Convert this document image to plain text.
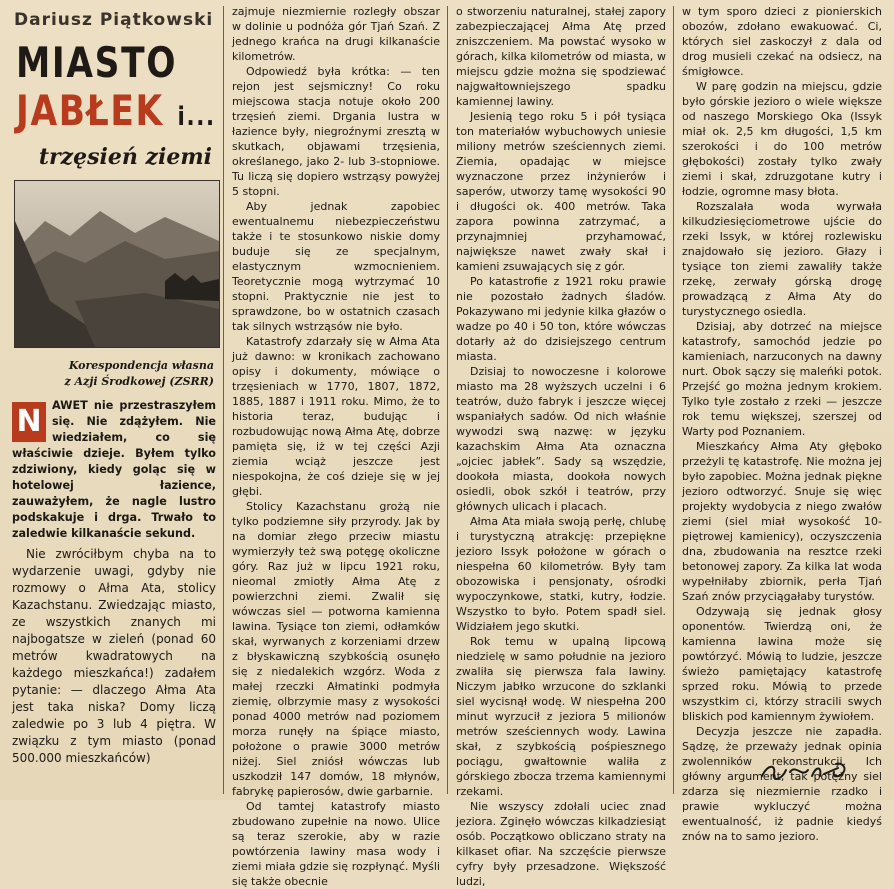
Dariusz Piątkowski
MIASTO
JABŁEK i...
trzęsień ziemi
Korespondencja własna
z Azji Środkowej (ZSRR)
N AWET nie przestraszyłem się. Nie zdążyłem. Nie wiedziałem, co się właściwie dzieje. Byłem tylko zdziwiony, kiedy goląc się w hotelowej łazience, zauważyłem, że nagle lustro podskakuje i drga. Trwało to zaledwie kilkanaście sekund.

Nie zwróciłbym chyba na to wydarzenie uwagi, gdyby nie rozmowy o Ałma Ata, stolicy Kazachstanu. Zwiedzając miasto, ze wszystkich znanych mi najbogatsze w zieleń (ponad 60 metrów kwadratowych na każdego mieszkańca!) zadałem pytanie: — dlaczego Ałma Ata jest taka niska? Domy liczą zaledwie po 3 lub 4 piętra. W związku z tym miasto (ponad 500.000 mieszkańców)

zajmuje niezmiernie rozległy obszar w dolinie u podnóża gór Tjań Szań. Z jednego krańca na drugi kilkanaście kilometrów.

Odpowiedź była krótka: — ten rejon jest sejsmiczny! Co roku miejscowa stacja notuje około 200 trzęsień ziemi. Drgania lustra w łazience były, niegroźnymi zresztą w skutkach, objawami trzęsienia, określanego, jako 2- lub 3-stopniowe. Tu liczą się dopiero wstrząsy powyżej 5 stopni.

Aby jednak zapobiec ewentualnemu niebezpieczeństwu także i te stosunkowo niskie domy buduje się ze specjalnym, elastycznym wzmocnieniem. Teoretycznie mogą wytrzymać 10 stopni. Praktycznie nie jest to sprawdzone, bo w ostatnich czasach tak silnych wstrząsów nie było.

Katastrofy zdarzały się w Ałma Ata już dawno: w kronikach zachowano opisy i dokumenty, mówiące o trzęsieniach w 1770, 1807, 1872, 1885, 1887 i 1911 roku. Mimo, że to historia teraz, budując i rozbudowując nową Ałma Atę, dobrze pamięta się, iż w tej części Azji ziemia wciąż jeszcze jest niespokojna, że coś dzieje się w jej głębi.

Stolicy Kazachstanu grożą nie tylko podziemne siły przyrody. Jak by na domiar złego przeciw miastu wymierzyły też swą potęgę okoliczne góry. Raz już w lipcu 1921 roku, nieomal zmiotły Ałma Atę z powierzchni ziemi. Zwalił się wówczas siel — potworna kamienna lawina. Tysiące ton ziemi, odłamków skał, wyrwanych z korzeniami drzew z błyskawiczną szybkością osunęło się z niedalekich wzgórz. Woda z małej rzeczki Ałmatinki podmyła ziemię, olbrzymie masy z wysokości ponad 4000 metrów nad poziomem morza runęły na śpiące miasto, położone o prawie 3000 metrów niżej. Siel zniósł wówczas lub uszkodził 147 domów, 18 młynów, fabrykę papierosów, dwie garbarnie.

Od tamtej katastrofy miasto zbudowano zupełnie na nowo. Ulice są teraz szerokie, aby w razie powtórzenia lawiny masa wody i ziemi miała gdzie się rozpłynąć. Myśli się także obecnie

o stworzeniu naturalnej, stałej zapory zabezpieczającej Ałma Atę przed zniszczeniem. Ma powstać wysoko w górach, kilka kilometrów od miasta, w miejscu gdzie można się spodziewać najgwałtowniejszego spadku kamiennej lawiny.

Jesienią tego roku 5 i pół tysiąca ton materiałów wybuchowych uniesie miliony metrów sześciennych ziemi. Ziemia, opadając w miejsce wyznaczone przez inżynierów i saperów, utworzy tamę wysokości 90 i długości ok. 400 metrów. Taka zapora powinna zatrzymać, a przynajmniej przyhamować, największe nawet zwały skał i kamieni zsuwających się z gór.

Po katastrofie z 1921 roku prawie nie pozostało żadnych śladów. Pokazywano mi jedynie kilka głazów o wadze po 40 i 50 ton, które wówczas dotarły aż do dzisiejszego centrum miasta.

Dzisiaj to nowoczesne i kolorowe miasto ma 28 wyższych uczelni i 6 teatrów, dużo fabryk i jeszcze więcej wspaniałych sadów. Od nich właśnie wywodzi swą nazwę: w języku kazachskim Ałma Ata oznaczna „ojciec jabłek”. Sady są wszędzie, dookoła miasta, dookoła nowych osiedli, obok szkół i teatrów, przy głównych ulicach i placach.

Ałma Ata miała swoją perłę, chlubę i turystyczną atrakcję: przepiękne jezioro Issyk położone w górach o niespełna 60 kilometrów. Były tam obozowiska i pensjonaty, ośrodki wypoczynkowe, statki, kutry, łodzie. Wszystko to było. Potem spadł siel. Widziałem jego skutki.

Rok temu w upalną lipcową niedzielę w samo południe na jezioro zwaliła się pierwsza fala lawiny. Niczym jabłko wrzucone do szklanki siel wycisnął wodę. W niespełna 200 minut wyrzucił z jeziora 5 milionów metrów sześciennych wody. Lawina skał, z szybkością pośpiesznego pociągu, gwałtownie waliła z górskiego zbocza trzema kamiennymi rzekami.

Nie wszyscy zdołali uciec znad jeziora. Zginęło wówczas kilkadziesiąt osób. Początkowo obliczano straty na kilkaset ofiar. Na szczęście pierwsze cyfry były przesadzone. Większość ludzi,

w tym sporo dzieci z pionierskich obozów, zdołano ewakuować. Ci, których siel zaskoczył z dala od drog musieli czekać na odsiecz, na śmigłowce.

W parę godzin na miejscu, gdzie było górskie jezioro o wiele większe od naszego Morskiego Oka (Issyk miał ok. 2,5 km długości, 1,5 km szerokości i do 100 metrów głębokości) zostały tylko zwały ziemi i skał, zdruzgotane kutry i łodzie, ogromne masy błota.

Rozszalała woda wyrwała kilkudziesięciometrowe ujście do rzeki Issyk, w której rozlewisku znajdowało się jezioro. Głazy i tysiące ton ziemi zawaliły także rzekę, zerwały górską drogę prowadzącą z Ałma Aty do turystycznego osiedla.

Dzisiaj, aby dotrzeć na miejsce katastrofy, samochód jedzie po kamieniach, narzuconych na dawny nurt. Obok sączy się maleńki potok. Przejść go można jednym krokiem. Tylko tyle zostało z rzeki — jeszcze rok temu większej, szerszej od Warty pod Poznaniem.

Mieszkańcy Ałma Aty głęboko przeżyli tę katastrofę. Nie można jej było zapobiec. Można jednak piękne jezioro odtworzyć. Snuje się więc projekty wydobycia z niego zwałów ziemi (siel miał wysokość 10-piętrowej kamienicy), oczyszczenia dna, zbudowania na resztce rzeki betonowej zapory. Za kilka lat woda wypełniłaby zbiornik, perła Tjań Szań znów przyciągałaby turystów.

Odzywają się jednak głosy oponentów. Twierdzą oni, że kamienna lawina może się powtórzyć. Mówią to ludzie, jeszcze świeżo pamiętający katastrofę sprzed roku. Mówią to przede wszystkim ci, którzy stracili swych bliskich pod kamiennym żywiołem.

Decyzja jeszcze nie zapadła. Sądzę, że przeważy jednak opinia zwolenników rekonstrukcji. Ich główny argument, tak potężny siel zdarza się niezmiernie rzadko i prawie wykluczyć można ewentualność, iż padnie kiedyś znów na to samo jezioro.
